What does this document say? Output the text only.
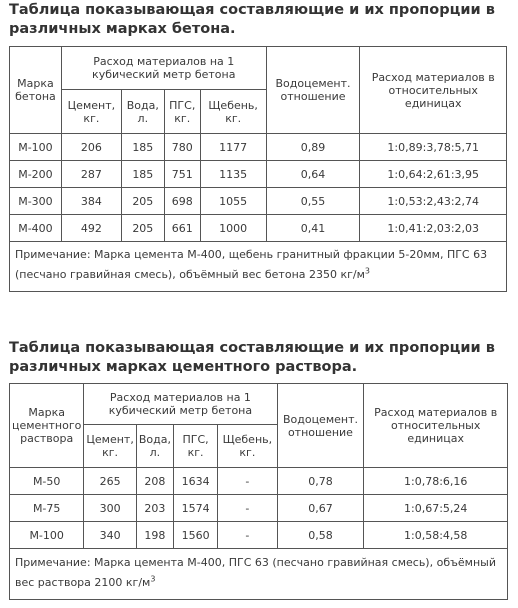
Таблица показывающая составляющие и их пропорции в различных марках бетона.

Марка бетона	Расход материалов на 1 кубический метр бетона				Водоцемент. отношение	Расход материалов в относительных единицах
	Цемент, кг.	Вода, л.	ПГС, кг.	Щебень, кг.		
М-100	206	185	780	1177	0,89	1:0,89:3,78:5,71
М-200	287	185	751	1135	0,64	1:0,64:2,61:3,95
М-300	384	205	698	1055	0,55	1:0,53:2,43:2,74
М-400	492	205	661	1000	0,41	1:0,41:2,03:2,03
Примечание: Марка цемента М-400, щебень гранитный фракции 5-20мм, ПГС 63 (песчано гравийная смесь), объёмный вес бетона 2350 $кг/м^3$

Таблица показывающая составляющие и их пропорции в различных марках цементного раствора.

Марка цементного раствора	Расход материалов на 1 кубический метр бетона				Водоцемент. отношение	Расход материалов в относительных единицах
	Цемент, кг.	Вода, л.	ПГС, кг.	Щебень, кг.		
М-50	265	208	1634	-	0,78	1:0,78:6,16
М-75	300	203	1574	-	0,67	1:0,67:5,24
М-100	340	198	1560	-	0,58	1:0,58:4,58
Примечание: Марка цемента М-400, ПГС 63 (песчано гравийная смесь), объёмный вес раствора 2100 $кг/м^3$
